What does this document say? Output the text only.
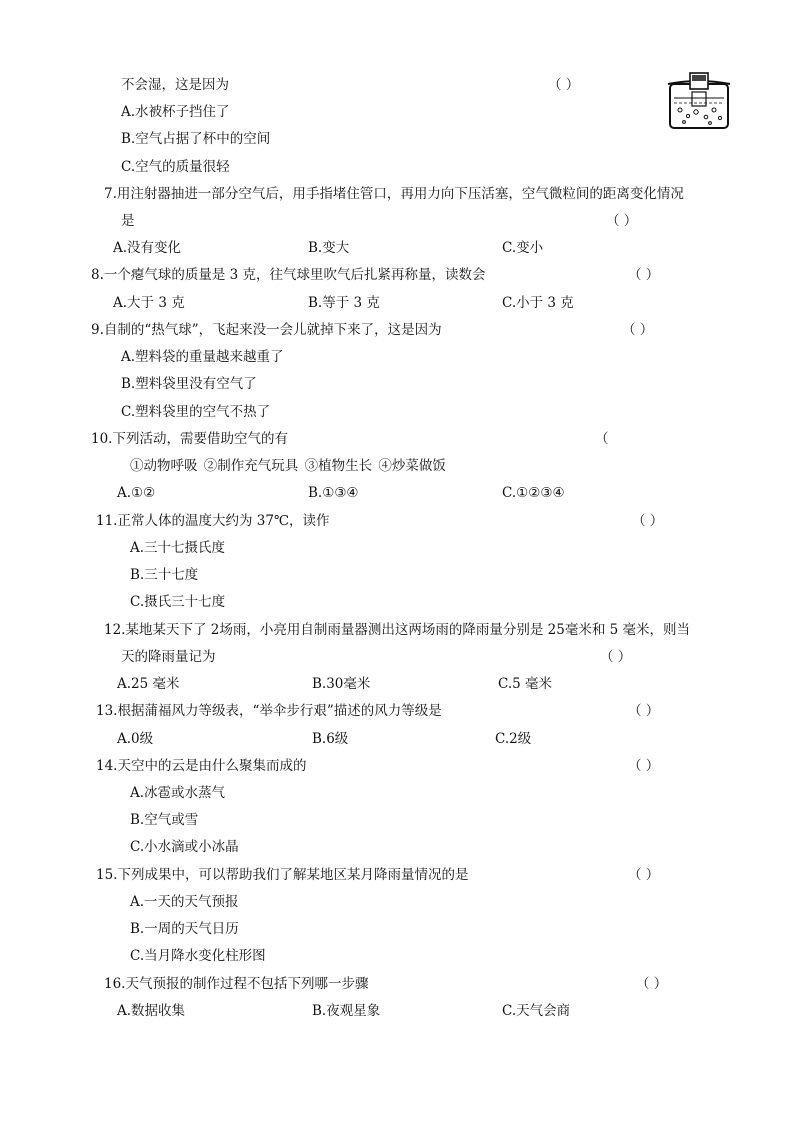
不会湿，这是因为	（ ）
A.水被杯子挡住了
B.空气占据了杯中的空间
C.空气的质量很轻
7.用注射器抽进一部分空气后，用手指堵住管口，再用力向下压活塞，空气微粒间的距离变化情况
是	（ ）
A.没有变化	B.变大	C.变小
8.一个瘪气球的质量是 3 克，往气球里吹气后扎紧再称量，读数会	（ ）
A.大于 3 克	B.等于 3 克	C.小于 3 克
9.自制的“热气球”，飞起来没一会儿就掉下来了，这是因为	（ ）
A.塑料袋的重量越来越重了
B.塑料袋里没有空气了
C.塑料袋里的空气不热了
10.下列活动，需要借助空气的有	（
①动物呼吸 ②制作充气玩具 ③植物生长 ④炒菜做饭
A.①②	B.①③④	C.①②③④
11.正常人体的温度大约为 37℃，读作	（ ）
A.三十七摄氏度
B.三十七度
C.摄氏三十七度
12.某地某天下了 2场雨，小亮用自制雨量器测出这两场雨的降雨量分别是 25毫米和 5 毫米，则当
天的降雨量记为	（ ）
A.25 毫米	B.30毫米	C.5 毫米
13.根据蒲福风力等级表，“举伞步行艰”描述的风力等级是	（ ）
A.0级	B.6级	C.2级
14.天空中的云是由什么聚集而成的	（ ）
A.冰雹或水蒸气
B.空气或雪
C.小水滴或小冰晶
15.下列成果中，可以帮助我们了解某地区某月降雨量情况的是	（ ）
A.一天的天气预报
B.一周的天气日历
C.当月降水变化柱形图
16.天气预报的制作过程不包括下列哪一步骤	（ ）
A.数据收集	B.夜观星象	C.天气会商
